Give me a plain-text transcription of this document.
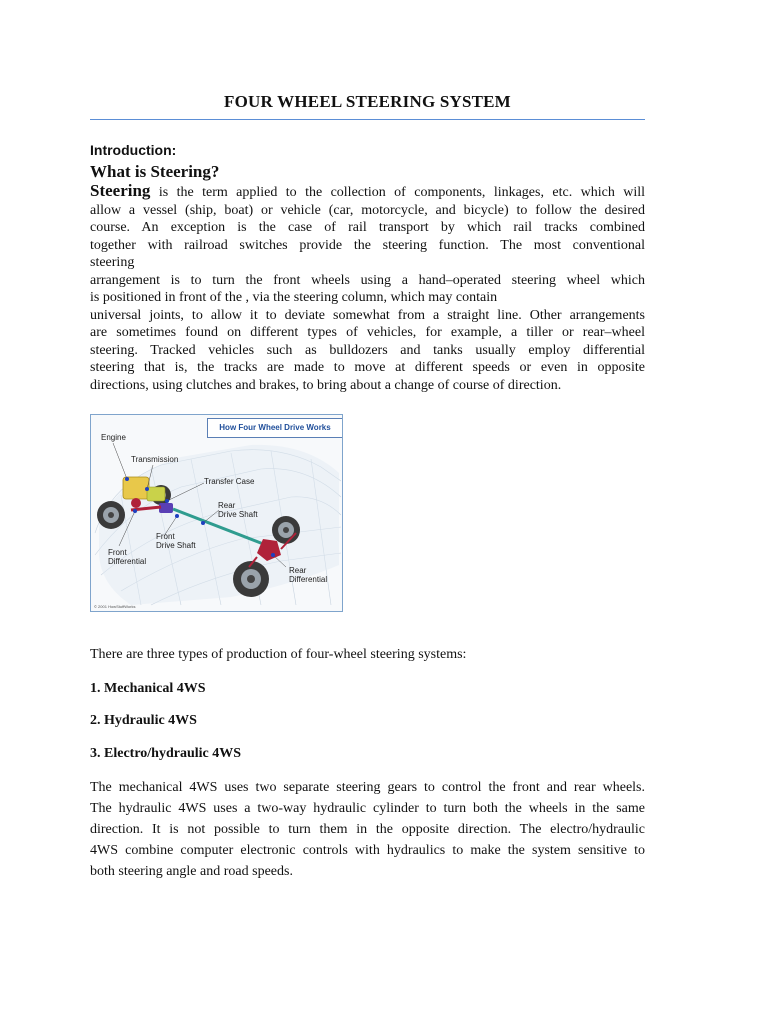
FOUR WHEEL STEERING SYSTEM
Introduction:
What is Steering?
Steering is the term applied to the collection of components, linkages, etc. which will
allow a vessel (ship, boat) or vehicle (car, motorcycle, and bicycle) to follow the desired
course. An exception is the case of rail transport by which rail tracks combined
together with railroad switches provide the steering function. The most conventional
steering
arrangement is to turn the front wheels using a hand–operated steering wheel which
is positioned in front of the , via the steering column, which may contain
universal joints, to allow it to deviate somewhat from a straight line. Other arrangements
are sometimes found on different types of vehicles, for example, a tiller or rear–wheel
steering. Tracked vehicles such as bulldozers and tanks usually employ differential
steering that is, the tracks are made to move at different speeds or even in opposite
directions, using clutches and brakes, to bring about a change of course of direction.
How Four Wheel Drive Works
Engine
Transmission
Transfer Case
Rear
Drive Shaft
Front
Drive Shaft
Front
Differential
Rear
Differential
© 2001 HowStuffWorks
There are three types of production of four-wheel steering systems:
1. Mechanical 4WS
2. Hydraulic 4WS
3. Electro/hydraulic 4WS
The mechanical 4WS uses two separate steering gears to control the front and rear wheels.
The hydraulic 4WS uses a two-way hydraulic cylinder to turn both the wheels in the same
direction. It is not possible to turn them in the opposite direction. The electro/hydraulic
4WS combine computer electronic controls with hydraulics to make the system sensitive to
both steering angle and road speeds.
